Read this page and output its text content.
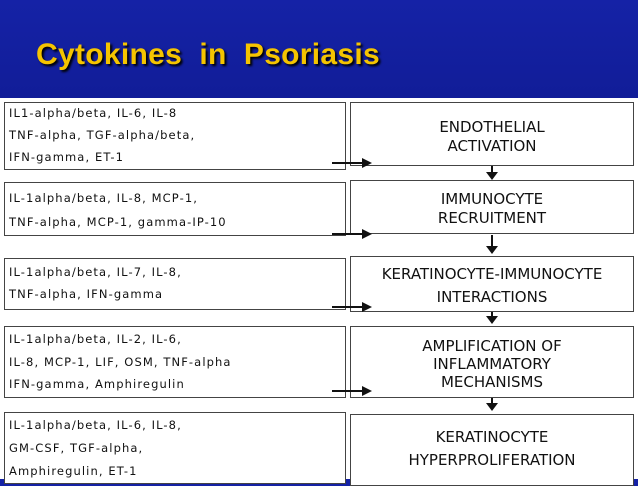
Cytokines  in  Psoriasis
IL1-alpha/beta, IL-6, IL-8
TNF-alpha, TGF-alpha/beta,
IFN-gamma, ET-1
ENDOTHELIAL
ACTIVATION
IL-1alpha/beta, IL-8, MCP-1,
TNF-alpha, MCP-1, gamma-IP-10
IMMUNOCYTE
RECRUITMENT
IL-1alpha/beta, IL-7, IL-8,
TNF-alpha, IFN-gamma
KERATINOCYTE-IMMUNOCYTE
INTERACTIONS
IL-1alpha/beta, IL-2, IL-6,
IL-8, MCP-1, LIF, OSM, TNF-alpha
IFN-gamma, Amphiregulin
AMPLIFICATION OF
INFLAMMATORY
MECHANISMS
IL-1alpha/beta, IL-6, IL-8,
GM-CSF, TGF-alpha,
Amphiregulin, ET-1
KERATINOCYTE
HYPERPROLIFERATION
